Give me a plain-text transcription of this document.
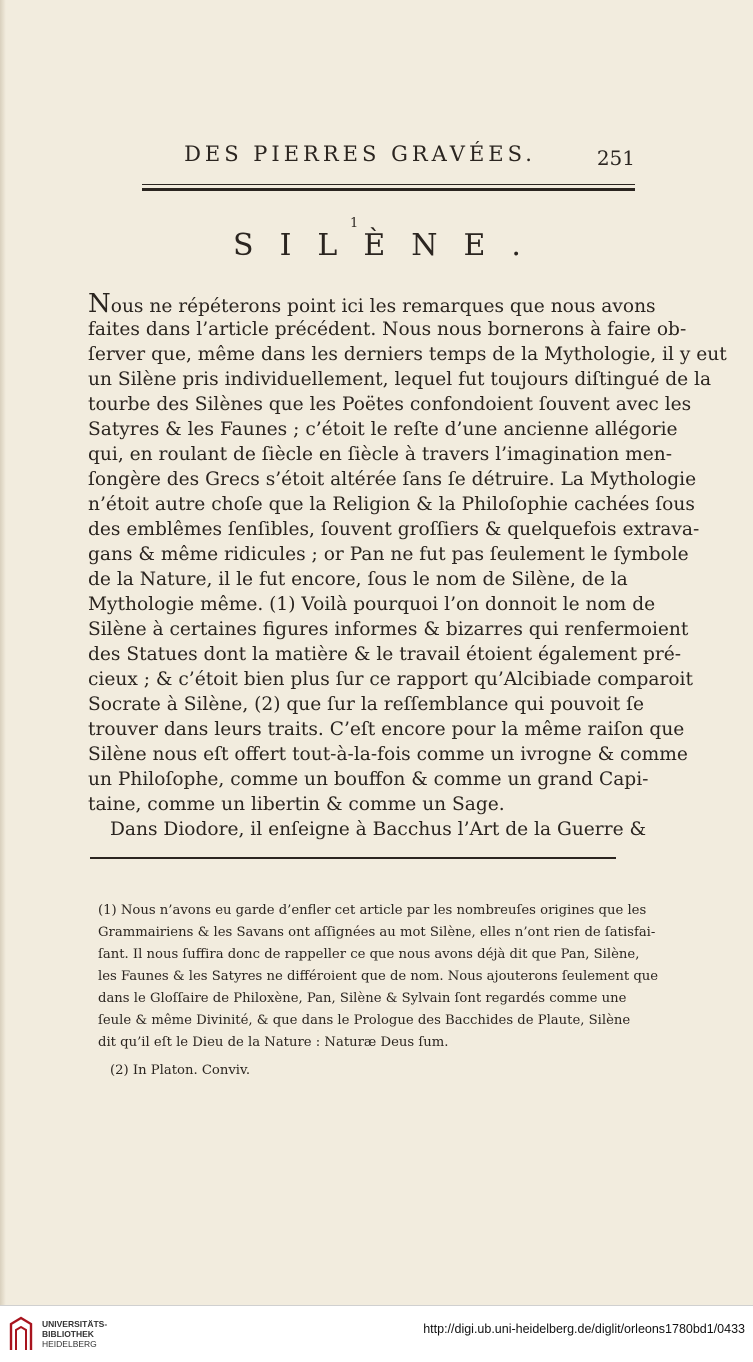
DES PIERRES GRAVÉES.	251
1
SILÈNE.
Nous ne répéterons point ici les remarques que nous avons
faites dans l’article précédent. Nous nous bornerons à faire ob-
ſerver que, même dans les derniers temps de la Mythologie, il y eut
un Silène pris individuellement, lequel fut toujours diſtingué de la
tourbe des Silènes que les Poëtes confondoient ſouvent avec les
Satyres & les Faunes ; c’étoit le reſte d’une ancienne allégorie
qui, en roulant de ſiècle en ſiècle à travers l’imagination men-
ſongère des Grecs s’étoit altérée ſans ſe détruire. La Mythologie
n’étoit autre choſe que la Religion & la Philoſophie cachées ſous
des emblêmes ſenſibles, ſouvent groſſiers & quelquefois extrava-
gans & même ridicules ; or Pan ne fut pas ſeulement le ſymbole
de la Nature, il le fut encore, ſous le nom de Silène, de la
Mythologie même. (1) Voilà pourquoi l’on donnoit le nom de
Silène à certaines figures informes & bizarres qui renfermoient
des Statues dont la matière & le travail étoient également pré-
cieux ; & c’étoit bien plus ſur ce rapport qu’Alcibiade comparoit
Socrate à Silène, (2) que ſur la reſſemblance qui pouvoit ſe
trouver dans leurs traits. C’eſt encore pour la même raiſon que
Silène nous eſt offert tout-à-la-fois comme un ivrogne & comme
un Philoſophe, comme un bouffon & comme un grand Capi-
taine, comme un libertin & comme un Sage.
Dans Diodore, il enſeigne à Bacchus l’Art de la Guerre &
(1) Nous n’avons eu garde d’enfler cet article par les nombreuſes origines que les
Grammairiens & les Savans ont aſſignées au mot Silène, elles n’ont rien de ſatisfai-
ſant. Il nous ſuffira donc de rappeller ce que nous avons déjà dit que Pan, Silène,
les Faunes & les Satyres ne différoient que de nom. Nous ajouterons ſeulement que
dans le Gloſſaire de Philoxène, Pan, Silène & Sylvain ſont regardés comme une
ſeule & même Divinité, & que dans le Prologue des Bacchides de Plaute, Silène
dit qu’il eſt le Dieu de la Nature : Naturæ Deus ſum.
(2) In Platon. Conviv.
UNIVERSITÄTS-
BIBLIOTHEK
HEIDELBERG
http://digi.ub.uni-heidelberg.de/diglit/orleons1780bd1/0433
